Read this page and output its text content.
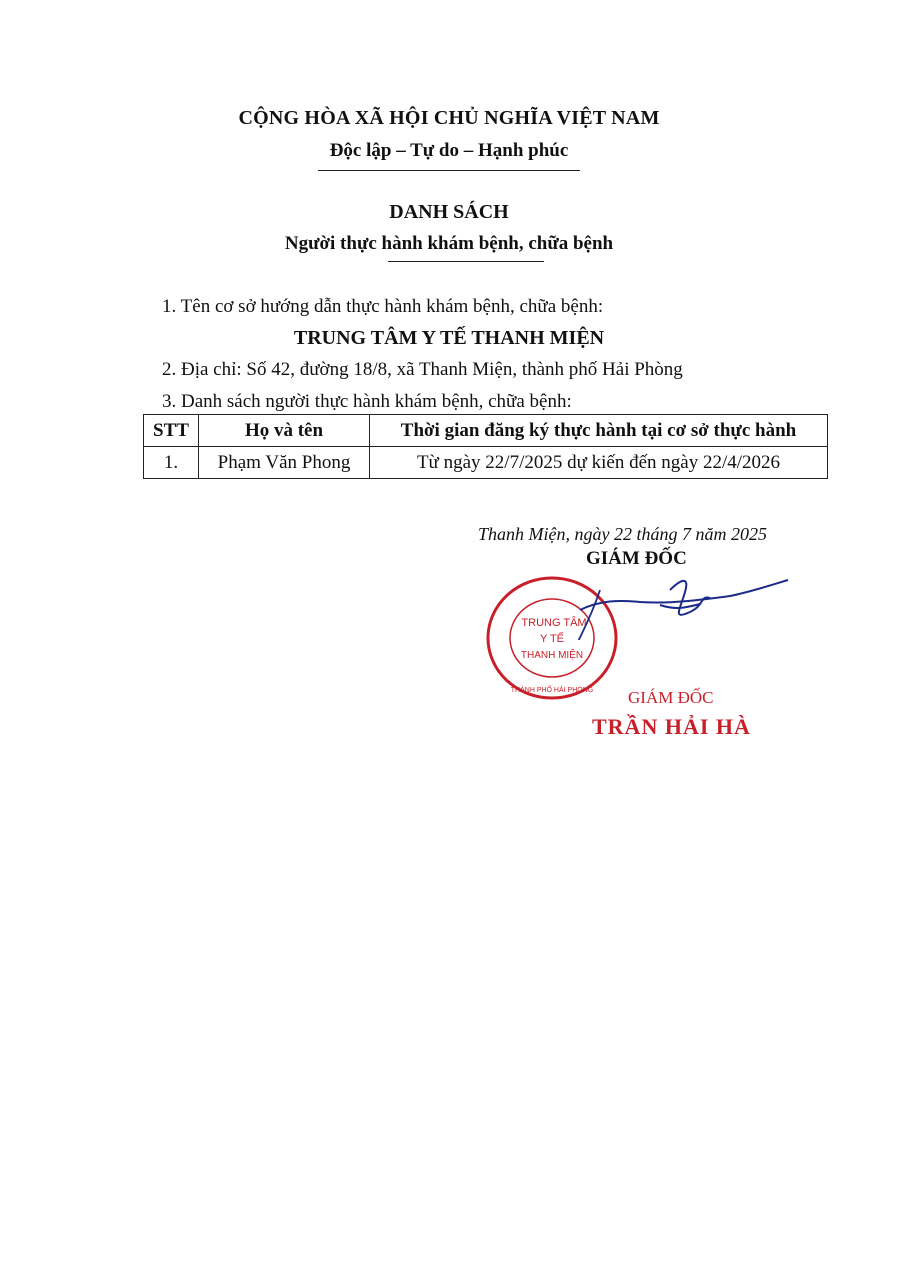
CỘNG HÒA XÃ HỘI CHỦ NGHĨA VIỆT NAM
Độc lập – Tự do – Hạnh phúc
DANH SÁCH
Người thực hành khám bệnh, chữa bệnh
1. Tên cơ sở hướng dẫn thực hành khám bệnh, chữa bệnh:
TRUNG TÂM Y TẾ THANH MIỆN
2. Địa chỉ: Số 42, đường 18/8, xã Thanh Miện, thành phố Hải Phòng
3. Danh sách người thực hành khám bệnh, chữa bệnh:
STT	Họ và tên	Thời gian đăng ký thực hành tại cơ sở thực hành
1.	Phạm Văn Phong	Từ ngày 22/7/2025 dự kiến đến ngày 22/4/2026
Thanh Miện, ngày 22 tháng 7 năm 2025
GIÁM ĐỐC
TRUNG TÂM
Y TẾ
THANH MIỆN
THÀNH PHỐ HẢI PHÒNG GIÁM ĐỐC
TRẦN HẢI HÀ
